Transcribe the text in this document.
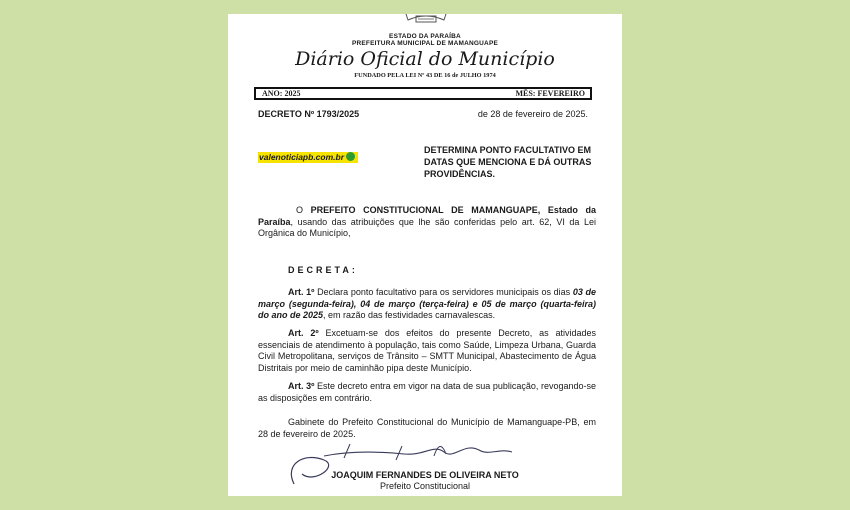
ESTADO DA PARAÍBA
PREFEITURA MUNICIPAL DE MAMANGUAPE
Diário Oficial do Município
FUNDADO PELA LEI Nº 43 DE 16 de JULHO 1974
ANO: 2025	MÊS: FEVEREIRO
DECRETO Nº 1793/2025	de 28 de fevereiro de 2025.
valenoticiapb.com.br
DETERMINA PONTO FACULTATIVO EM DATAS QUE MENCIONA E DÁ OUTRAS PROVIDÊNCIAS.

O PREFEITO CONSTITUCIONAL DE MAMANGUAPE, Estado da Paraíba, usando das atribuições que lhe são conferidas pelo art. 62, VI da Lei Orgânica do Município,

DECRETA:

Art. 1º Declara ponto facultativo para os servidores municipais os dias 03 de março (segunda-feira), 04 de março (terça-feira) e 05 de março (quarta-feira) do ano de 2025, em razão das festividades carnavalescas.

Art. 2º Excetuam-se dos efeitos do presente Decreto, as atividades essenciais de atendimento à população, tais como Saúde, Limpeza Urbana, Guarda Civil Metropolitana, serviços de Trânsito – SMTT Municipal, Abastecimento de Água Distritais por meio de caminhão pipa deste Município.

Art. 3º Este decreto entra em vigor na data de sua publicação, revogando-se as disposições em contrário.

Gabinete do Prefeito Constitucional do Município de Mamanguape-PB, em 28 de fevereiro de 2025.

JOAQUIM FERNANDES DE OLIVEIRA NETO
Prefeito Constitucional
